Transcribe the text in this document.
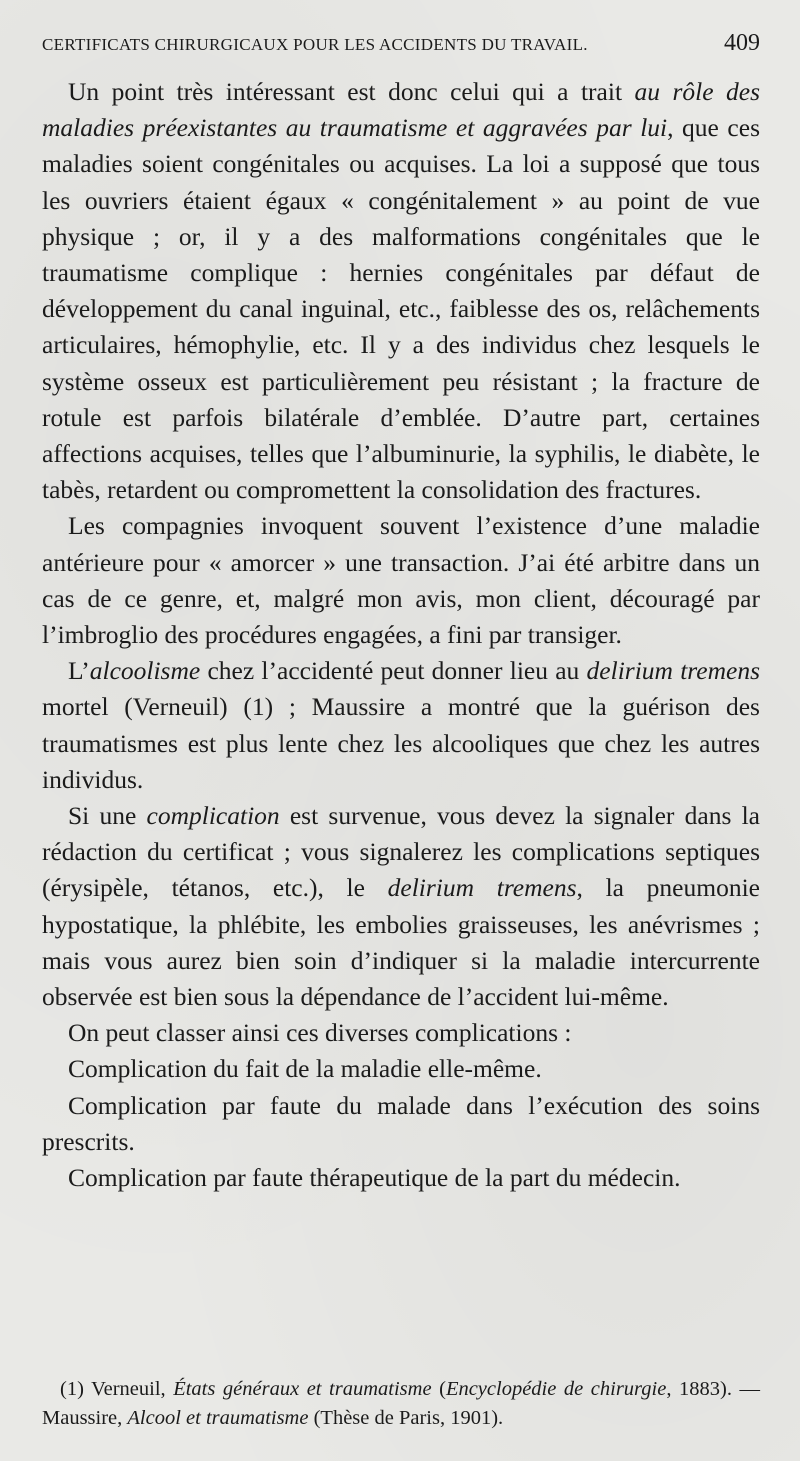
CERTIFICATS CHIRURGICAUX POUR LES ACCIDENTS DU TRAVAIL.	409

Un point très intéressant est donc celui qui a trait au rôle des maladies préexistantes au traumatisme et aggravées par lui, que ces maladies soient congénitales ou acquises. La loi a supposé que tous les ouvriers étaient égaux « congénitalement » au point de vue physique ; or, il y a des malformations congénitales que le traumatisme complique : hernies congénitales par défaut de développement du canal inguinal, etc., faiblesse des os, relâchements articulaires, hémophylie, etc. Il y a des individus chez lesquels le système osseux est particulièrement peu résistant ; la fracture de rotule est parfois bilatérale d’emblée. D’autre part, certaines affections acquises, telles que l’albuminurie, la syphilis, le diabète, le tabès, retardent ou compromettent la consolidation des fractures.

Les compagnies invoquent souvent l’existence d’une maladie antérieure pour « amorcer » une transaction. J’ai été arbitre dans un cas de ce genre, et, malgré mon avis, mon client, découragé par l’imbroglio des procédures engagées, a fini par transiger.

L’alcoolisme chez l’accidenté peut donner lieu au delirium tremens mortel (Verneuil) (1) ; Maussire a montré que la guérison des traumatismes est plus lente chez les alcooliques que chez les autres individus.

Si une complication est survenue, vous devez la signaler dans la rédaction du certificat ; vous signalerez les complications septiques (érysipèle, tétanos, etc.), le delirium tremens, la pneumonie hypostatique, la phlébite, les embolies graisseuses, les anévrismes ; mais vous aurez bien soin d’indiquer si la maladie intercurrente observée est bien sous la dépendance de l’accident lui-même.

On peut classer ainsi ces diverses complications :

Complication du fait de la maladie elle-même.

Complication par faute du malade dans l’exécution des soins prescrits.

Complication par faute thérapeutique de la part du médecin.

(1) Verneuil, États généraux et traumatisme (Encyclopédie de chirurgie, 1883). — Maussire, Alcool et traumatisme (Thèse de Paris, 1901).
